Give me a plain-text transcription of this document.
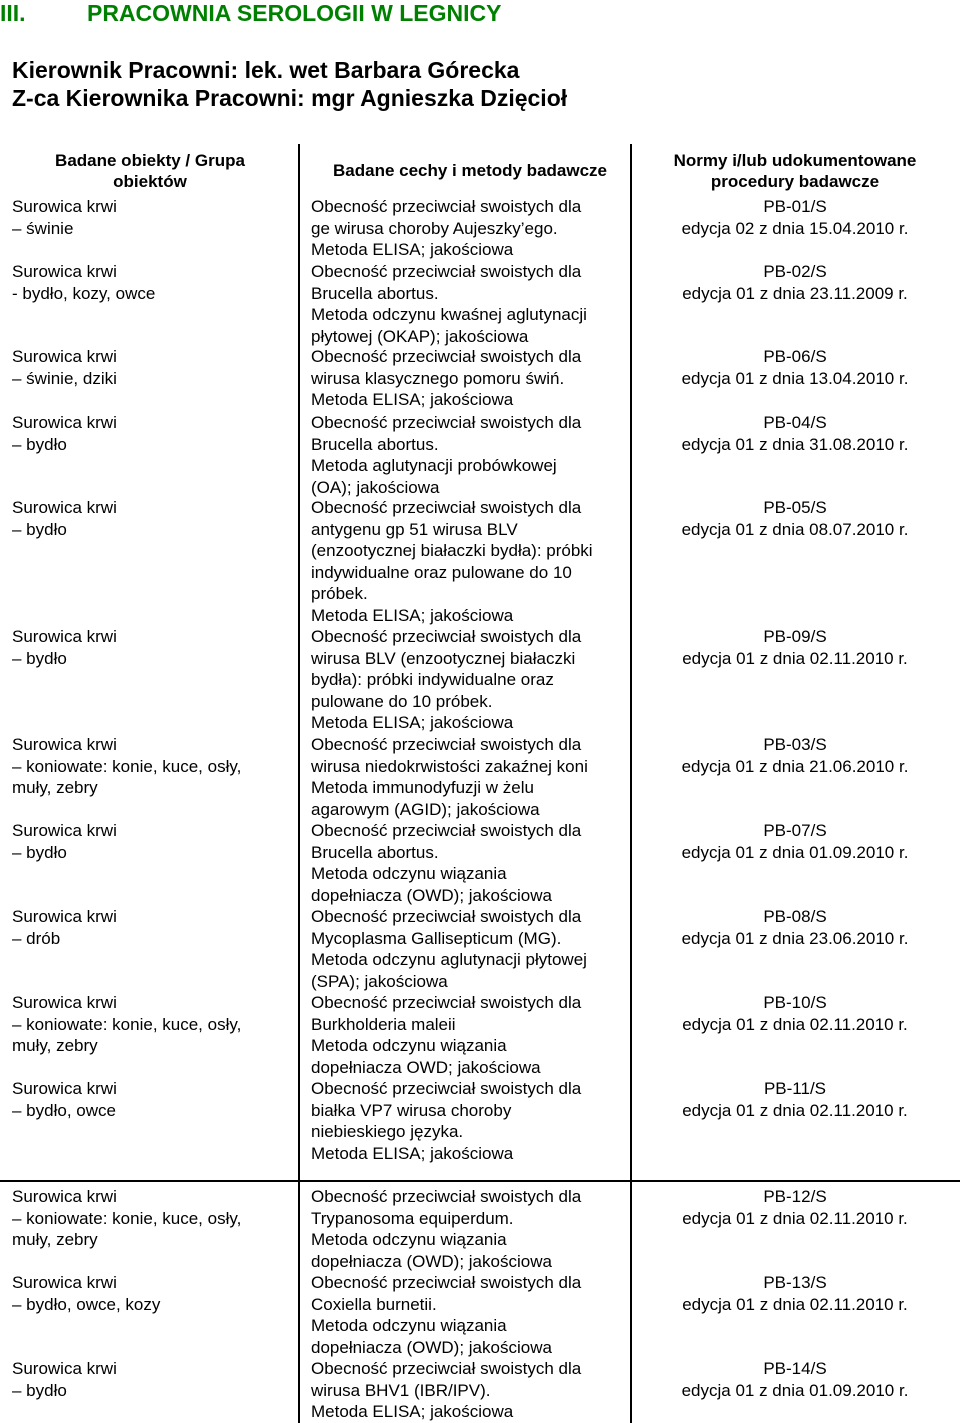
III.	PRACOWNIA SEROLOGII W LEGNICY
Kierownik Pracowni: lek. wet Barbara Górecka
Z-ca Kierownika Pracowni: mgr Agnieszka Dzięcioł
Badane obiekty / Grupa
obiektów
Badane cechy i metody badawcze
Normy i/lub udokumentowane
procedury badawcze
Surowica krwi
– świnie
Obecność przeciwciał swoistych dla
ge wirusa choroby Aujeszky’ego.
Metoda ELISA; jakościowa
PB-01/S
edycja 02 z dnia 15.04.2010 r.
Surowica krwi
- bydło, kozy, owce
Obecność przeciwciał swoistych dla
Brucella abortus.
Metoda odczynu kwaśnej aglutynacji
płytowej (OKAP); jakościowa
PB-02/S
edycja 01 z dnia 23.11.2009 r.
Surowica krwi
– świnie, dziki
Obecność przeciwciał swoistych dla
wirusa klasycznego pomoru świń.
Metoda ELISA; jakościowa
PB-06/S
edycja 01 z dnia 13.04.2010 r.
Surowica krwi
– bydło
Obecność przeciwciał swoistych dla
Brucella abortus.
Metoda aglutynacji probówkowej
(OA); jakościowa
PB-04/S
edycja 01 z dnia 31.08.2010 r.
Surowica krwi
– bydło
Obecność przeciwciał swoistych dla
antygenu gp 51 wirusa BLV
(enzootycznej białaczki bydła): próbki
indywidualne oraz pulowane do 10
próbek.
Metoda ELISA; jakościowa
PB-05/S
edycja 01 z dnia 08.07.2010 r.
Surowica krwi
– bydło
Obecność przeciwciał swoistych dla
wirusa BLV (enzootycznej białaczki
bydła): próbki indywidualne oraz
pulowane do 10 próbek.
Metoda ELISA; jakościowa
PB-09/S
edycja 01 z dnia 02.11.2010 r.
Surowica krwi
– koniowate: konie, kuce, osły,
muły, zebry
Obecność przeciwciał swoistych dla
wirusa niedokrwistości zakaźnej koni
Metoda immunodyfuzji w żelu
agarowym (AGID); jakościowa
PB-03/S
edycja 01 z dnia 21.06.2010 r.
Surowica krwi
– bydło
Obecność przeciwciał swoistych dla
Brucella abortus.
Metoda odczynu wiązania
dopełniacza (OWD); jakościowa
PB-07/S
edycja 01 z dnia 01.09.2010 r.
Surowica krwi
– drób
Obecność przeciwciał swoistych dla
Mycoplasma Gallisepticum (MG).
Metoda odczynu aglutynacji płytowej
(SPA); jakościowa
PB-08/S
edycja 01 z dnia 23.06.2010 r.
Surowica krwi
– koniowate: konie, kuce, osły,
muły, zebry
Obecność przeciwciał swoistych dla
Burkholderia maleii
Metoda odczynu wiązania
dopełniacza OWD; jakościowa
PB-10/S
edycja 01 z dnia 02.11.2010 r.
Surowica krwi
– bydło, owce
Obecność przeciwciał swoistych dla
białka VP7 wirusa choroby
niebieskiego języka.
Metoda ELISA; jakościowa
PB-11/S
edycja 01 z dnia 02.11.2010 r.
Surowica krwi
– koniowate: konie, kuce, osły,
muły, zebry
Obecność przeciwciał swoistych dla
Trypanosoma equiperdum.
Metoda odczynu wiązania
dopełniacza (OWD); jakościowa
PB-12/S
edycja 01 z dnia 02.11.2010 r.
Surowica krwi
– bydło, owce, kozy
Obecność przeciwciał swoistych dla
Coxiella burnetii.
Metoda odczynu wiązania
dopełniacza (OWD); jakościowa
PB-13/S
edycja 01 z dnia 02.11.2010 r.
Surowica krwi
– bydło
Obecność przeciwciał swoistych dla
wirusa BHV1 (IBR/IPV).
Metoda ELISA; jakościowa
PB-14/S
edycja 01 z dnia 01.09.2010 r.
